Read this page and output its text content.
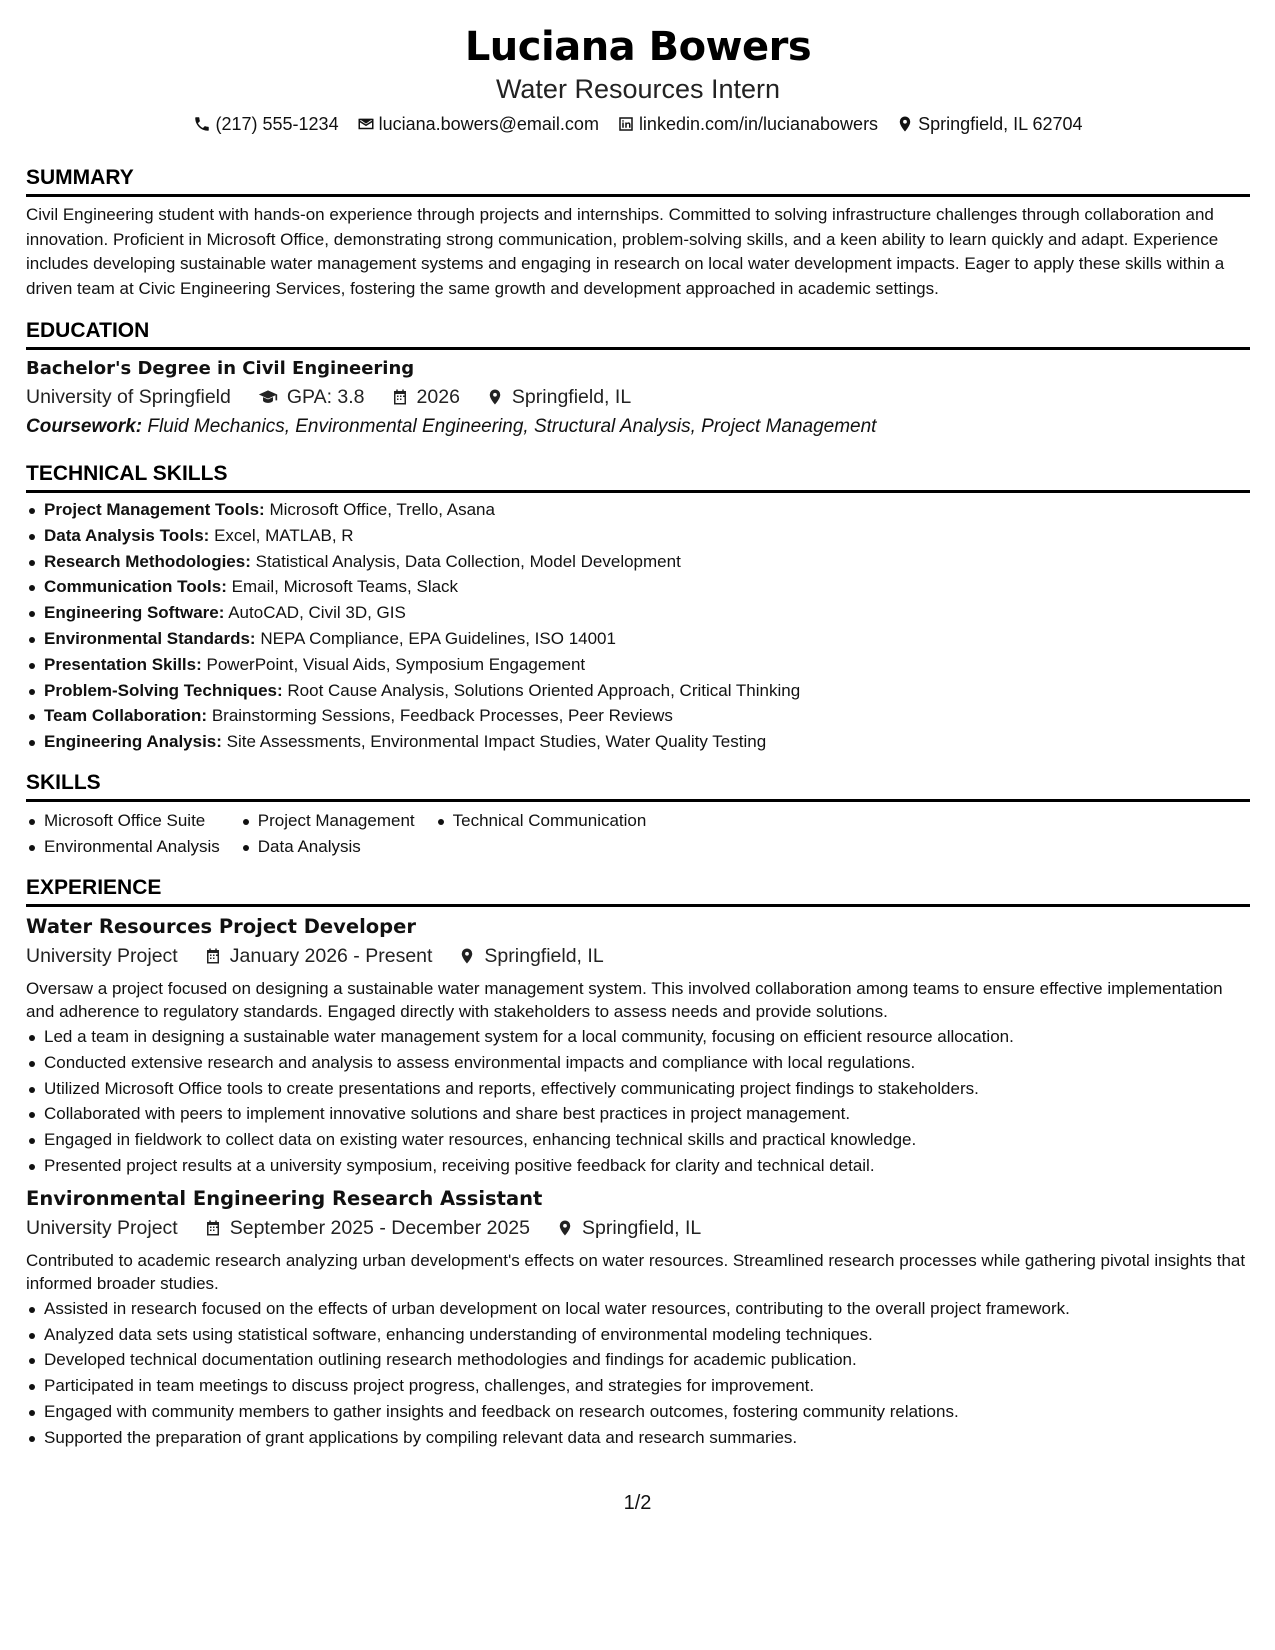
Luciana Bowers
Water Resources Intern
(217) 555-1234 luciana.bowers@email.com linkedin.com/in/lucianabowers Springfield, IL 62704
SUMMARY
Civil Engineering student with hands-on experience through projects and internships. Committed to solving infrastructure challenges through collaboration and innovation. Proficient in Microsoft Office, demonstrating strong communication, problem-solving skills, and a keen ability to learn quickly and adapt. Experience includes developing sustainable water management systems and engaging in research on local water development impacts. Eager to apply these skills within a driven team at Civic Engineering Services, fostering the same growth and development approached in academic settings.
EDUCATION
Bachelor's Degree in Civil Engineering
University of Springfield	GPA: 3.8	2026	Springfield, IL
Coursework: Fluid Mechanics, Environmental Engineering, Structural Analysis, Project Management
TECHNICAL SKILLS
Project Management Tools: Microsoft Office, Trello, Asana
Data Analysis Tools: Excel, MATLAB, R
Research Methodologies: Statistical Analysis, Data Collection, Model Development
Communication Tools: Email, Microsoft Teams, Slack
Engineering Software: AutoCAD, Civil 3D, GIS
Environmental Standards: NEPA Compliance, EPA Guidelines, ISO 14001
Presentation Skills: PowerPoint, Visual Aids, Symposium Engagement
Problem-Solving Techniques: Root Cause Analysis, Solutions Oriented Approach, Critical Thinking
Team Collaboration: Brainstorming Sessions, Feedback Processes, Peer Reviews
Engineering Analysis: Site Assessments, Environmental Impact Studies, Water Quality Testing
SKILLS
Microsoft Office Suite
Environmental Analysis
Project Management
Data Analysis
Technical Communication
EXPERIENCE
Water Resources Project Developer
University Project	January 2026 - Present	Springfield, IL
Oversaw a project focused on designing a sustainable water management system. This involved collaboration among teams to ensure effective implementation and adherence to regulatory standards. Engaged directly with stakeholders to assess needs and provide solutions.
Led a team in designing a sustainable water management system for a local community, focusing on efficient resource allocation.
Conducted extensive research and analysis to assess environmental impacts and compliance with local regulations.
Utilized Microsoft Office tools to create presentations and reports, effectively communicating project findings to stakeholders.
Collaborated with peers to implement innovative solutions and share best practices in project management.
Engaged in fieldwork to collect data on existing water resources, enhancing technical skills and practical knowledge.
Presented project results at a university symposium, receiving positive feedback for clarity and technical detail.
Environmental Engineering Research Assistant
University Project	September 2025 - December 2025	Springfield, IL
Contributed to academic research analyzing urban development's effects on water resources. Streamlined research processes while gathering pivotal insights that informed broader studies.
Assisted in research focused on the effects of urban development on local water resources, contributing to the overall project framework.
Analyzed data sets using statistical software, enhancing understanding of environmental modeling techniques.
Developed technical documentation outlining research methodologies and findings for academic publication.
Participated in team meetings to discuss project progress, challenges, and strategies for improvement.
Engaged with community members to gather insights and feedback on research outcomes, fostering community relations.
Supported the preparation of grant applications by compiling relevant data and research summaries.
1/2
